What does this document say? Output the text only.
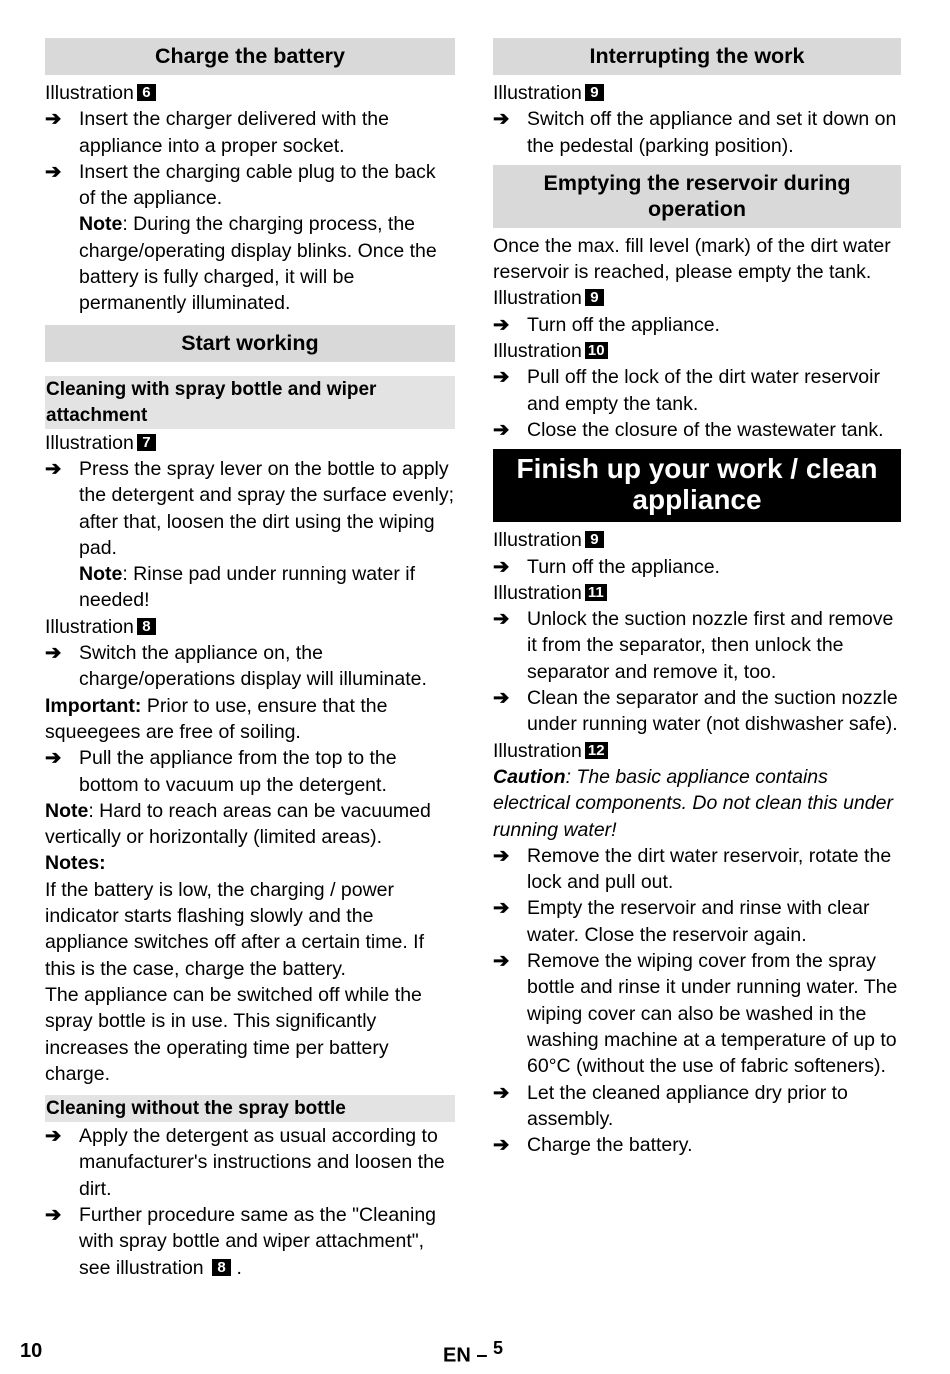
Charge the battery
Illustration 6
➔ Insert the charger delivered with the appliance into a proper socket.
➔ Insert the charging cable plug to the back of the appliance.
Note: During the charging process, the charge/operating display blinks. Once the battery is fully charged, it will be permanently illuminated.
Start working
Cleaning with spray bottle and wiper attachment
Illustration 7
➔ Press the spray lever on the bottle to apply the detergent and spray the surface evenly; after that, loosen the dirt using the wiping pad.
Note: Rinse pad under running water if needed!
Illustration 8
➔ Switch the appliance on, the charge/operations display will illuminate.
Important: Prior to use, ensure that the squeegees are free of soiling.
➔ Pull the appliance from the top to the bottom to vacuum up the detergent.
Note: Hard to reach areas can be vacuumed vertically or horizontally (limited areas).
Notes:
If the battery is low, the charging / power indicator starts flashing slowly and the appliance switches off after a certain time. If this is the case, charge the battery.
The appliance can be switched off while the spray bottle is in use. This significantly increases the operating time per battery charge.
Cleaning without the spray bottle
➔ Apply the detergent as usual according to manufacturer's instructions and loosen the dirt.
➔ Further procedure same as the "Cleaning with spray bottle and wiper attachment", see illustration 8 .
Interrupting the work
Illustration 9
➔ Switch off the appliance and set it down on the pedestal (parking position).
Emptying the reservoir during operation
Once the max. fill level (mark) of the dirt water reservoir is reached, please empty the tank.
Illustration 9
➔ Turn off the appliance.
Illustration 10
➔ Pull off the lock of the dirt water reservoir and empty the tank.
➔ Close the closure of the wastewater tank.
Finish up your work / clean appliance
Illustration 9
➔ Turn off the appliance.
Illustration 11
➔ Unlock the suction nozzle first and remove it from the separator, then unlock the separator and remove it, too.
➔ Clean the separator and the suction nozzle under running water (not dishwasher safe).
Illustration 12
Caution: The basic appliance contains electrical components. Do not clean this under running water!
➔ Remove the dirt water reservoir, rotate the lock and pull out.
➔ Empty the reservoir and rinse with clear water. Close the reservoir again.
➔ Remove the wiping cover from the spray bottle and rinse it under running water. The wiping cover can also be washed in the washing machine at a temperature of up to 60°C (without the use of fabric softeners).
➔ Let the cleaned appliance dry prior to assembly.
➔ Charge the battery.
10	EN – $^5$
